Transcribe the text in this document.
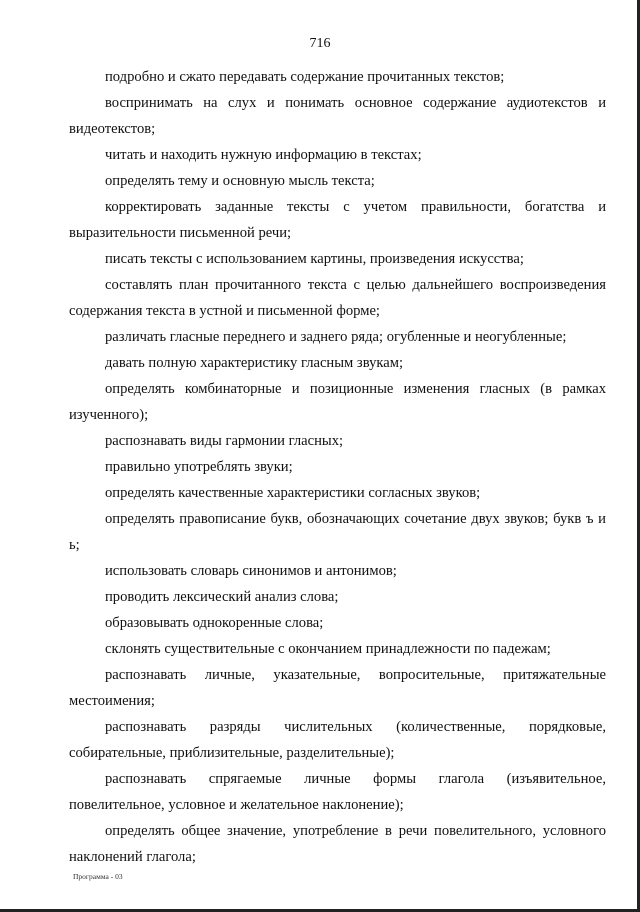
716

подробно и сжато передавать содержание прочитанных текстов;

воспринимать на слух и понимать основное содержание аудиотекстов и видеотекстов;

читать и находить нужную информацию в текстах;

определять тему и основную мысль текста;

корректировать заданные тексты с учетом правильности, богатства и выразительности письменной речи;

писать тексты с использованием картины, произведения искусства;

составлять план прочитанного текста с целью дальнейшего воспроизведения содержания текста в устной и письменной форме;

различать гласные переднего и заднего ряда; огубленные и неогубленные;

давать полную характеристику гласным звукам;

определять комбинаторные и позиционные изменения гласных (в рамках изученного);

распознавать виды гармонии гласных;

правильно употреблять звуки;

определять качественные характеристики согласных звуков;

определять правописание букв, обозначающих сочетание двух звуков; букв ъ и ь;

использовать словарь синонимов и антонимов;

проводить лексический анализ слова;

образовывать однокоренные слова;

склонять существительные с окончанием принадлежности по падежам;

распознавать личные, указательные, вопросительные, притяжательные местоимения;

распознавать разряды числительных (количественные, порядковые, собирательные, приблизительные, разделительные);

распознавать спрягаемые личные формы глагола (изъявительное, повелительное, условное и желательное наклонение);

определять общее значение, употребление в речи повелительного, условного наклонений глагола;

Программа - 03
